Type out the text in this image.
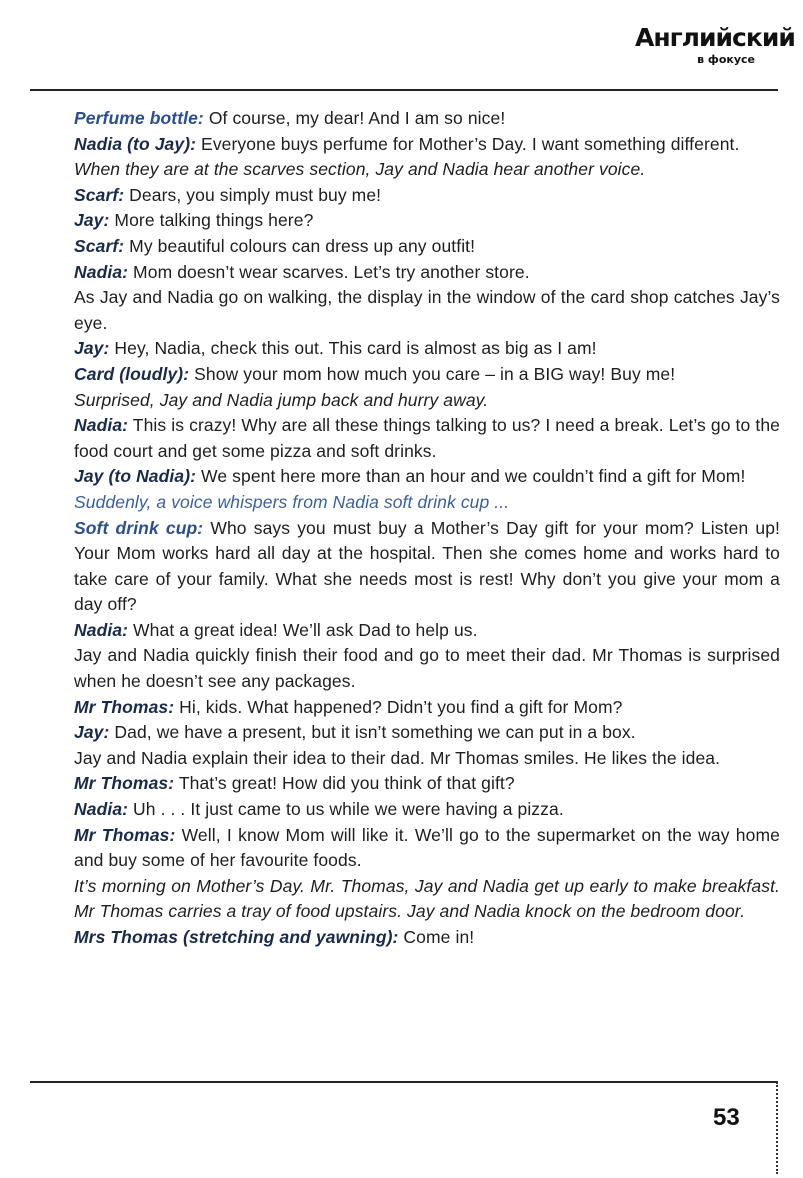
Английский
в фокусе
Perfume bottle: Of course, my dear! And I am so nice!
Nadia (to Jay): Everyone buys perfume for Mother’s Day. I want something different.
When they are at the scarves section, Jay and Nadia hear another voice.
Scarf: Dears, you simply must buy me!
Jay: More talking things here?
Scarf: My beautiful colours can dress up any outfit!
Nadia: Mom doesn’t wear scarves. Let’s try another store.
As Jay and Nadia go on walking, the display in the window of the card shop catches Jay’s eye.
Jay: Hey, Nadia, check this out. This card is almost as big as I am!
Card (loudly): Show your mom how much you care – in a BIG way! Buy me!
Surprised, Jay and Nadia jump back and hurry away.
Nadia: This is crazy! Why are all these things talking to us? I need a break. Let’s go to the food court and get some pizza and soft drinks.
Jay (to Nadia): We spent here more than an hour and we couldn’t find a gift for Mom!
Suddenly, a voice whispers from Nadia soft drink cup ...
Soft drink cup: Who says you must buy a Mother’s Day gift for your mom? Listen up! Your Mom works hard all day at the hospital. Then she comes home and works hard to take care of your family. What she needs most is rest! Why don’t you give your mom a day off?
Nadia: What a great idea! We’ll ask Dad to help us.
Jay and Nadia quickly finish their food and go to meet their dad. Mr Thomas is surprised when he doesn’t see any packages.
Mr Thomas: Hi, kids. What happened? Didn’t you find a gift for Mom?
Jay: Dad, we have a present, but it isn’t something we can put in a box.
Jay and Nadia explain their idea to their dad. Mr Thomas smiles. He likes the idea.
Mr Thomas: That’s great! How did you think of that gift?
Nadia: Uh . . . It just came to us while we were having a pizza.
Mr Thomas: Well, I know Mom will like it. We’ll go to the supermarket on the way home and buy some of her favourite foods.
It’s morning on Mother’s Day. Mr. Thomas, Jay and Nadia get up early to make breakfast. Mr Thomas carries a tray of food upstairs. Jay and Nadia knock on the bedroom door.
Mrs Thomas (stretching and yawning): Come in!
53
